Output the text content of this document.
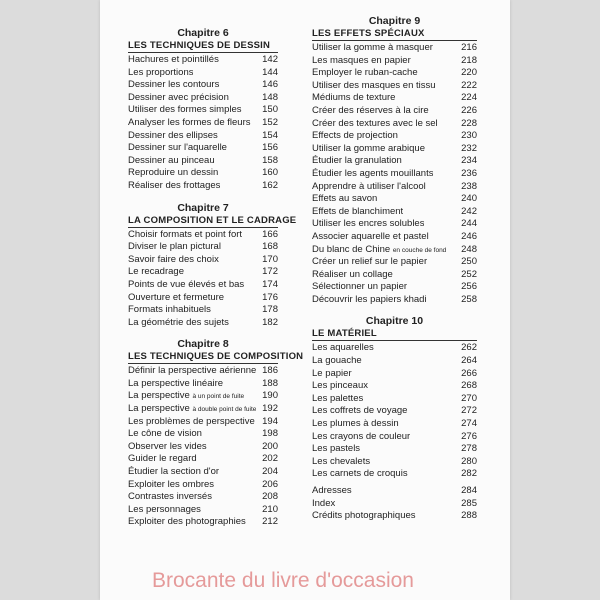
Chapitre 6
LES TECHNIQUES DE DESSIN
Hachures et pointillés	142
Les proportions	144
Dessiner les contours	146
Dessiner avec précision	148
Utiliser des formes simples	150
Analyser les formes de fleurs	152
Dessiner des ellipses	154
Dessiner sur l'aquarelle	156
Dessiner au pinceau	158
Reproduire un dessin	160
Réaliser des frottages	162
Chapitre 7
LA COMPOSITION ET LE CADRAGE
Choisir formats et point fort	166
Diviser le plan pictural	168
Savoir faire des choix	170
Le recadrage	172
Points de vue élevés et bas	174
Ouverture et fermeture	176
Formats inhabituels	178
La géométrie des sujets	182
Chapitre 8
LES TECHNIQUES DE COMPOSITION
Définir la perspective aérienne 186
La perspective linéaire	188
La perspective à un point de fuite	190
La perspective à double point de fuite 192
Les problèmes de perspective 194
Le cône de vision	198
Observer les vides	200
Guider le regard	202
Étudier la section d'or	204
Exploiter les ombres	206
Contrastes inversés	208
Les personnages	210
Exploiter des photographies	212
Chapitre 9
LES EFFETS SPÉCIAUX
Utiliser la gomme à masquer	216
Les masques en papier	218
Employer le ruban-cache	220
Utiliser des masques en tissu	222
Médiums de texture	224
Créer des réserves à la cire	226
Créer des textures avec le sel	228
Effects de projection	230
Utiliser la gomme arabique	232
Étudier la granulation	234
Étudier les agents mouillants	236
Apprendre à utiliser l'alcool	238
Effets au savon	240
Effets de blanchiment	242
Utiliser les encres solubles	244
Associer aquarelle et pastel	246
Du blanc de Chine en couche de fond	248
Créer un relief sur le papier	250
Réaliser un collage	252
Sélectionner un papier	256
Découvrir les papiers khadi	258
Chapitre 10
LE MATÉRIEL
Les aquarelles	262
La gouache	264
Le papier	266
Les pinceaux	268
Les palettes	270
Les coffrets de voyage	272
Les plumes à dessin	274
Les crayons de couleur	276
Les pastels	278
Les chevalets	280
Les carnets de croquis	282
Adresses	284
Index	285
Crédits photographiques	288
Brocante du livre d'occasion
